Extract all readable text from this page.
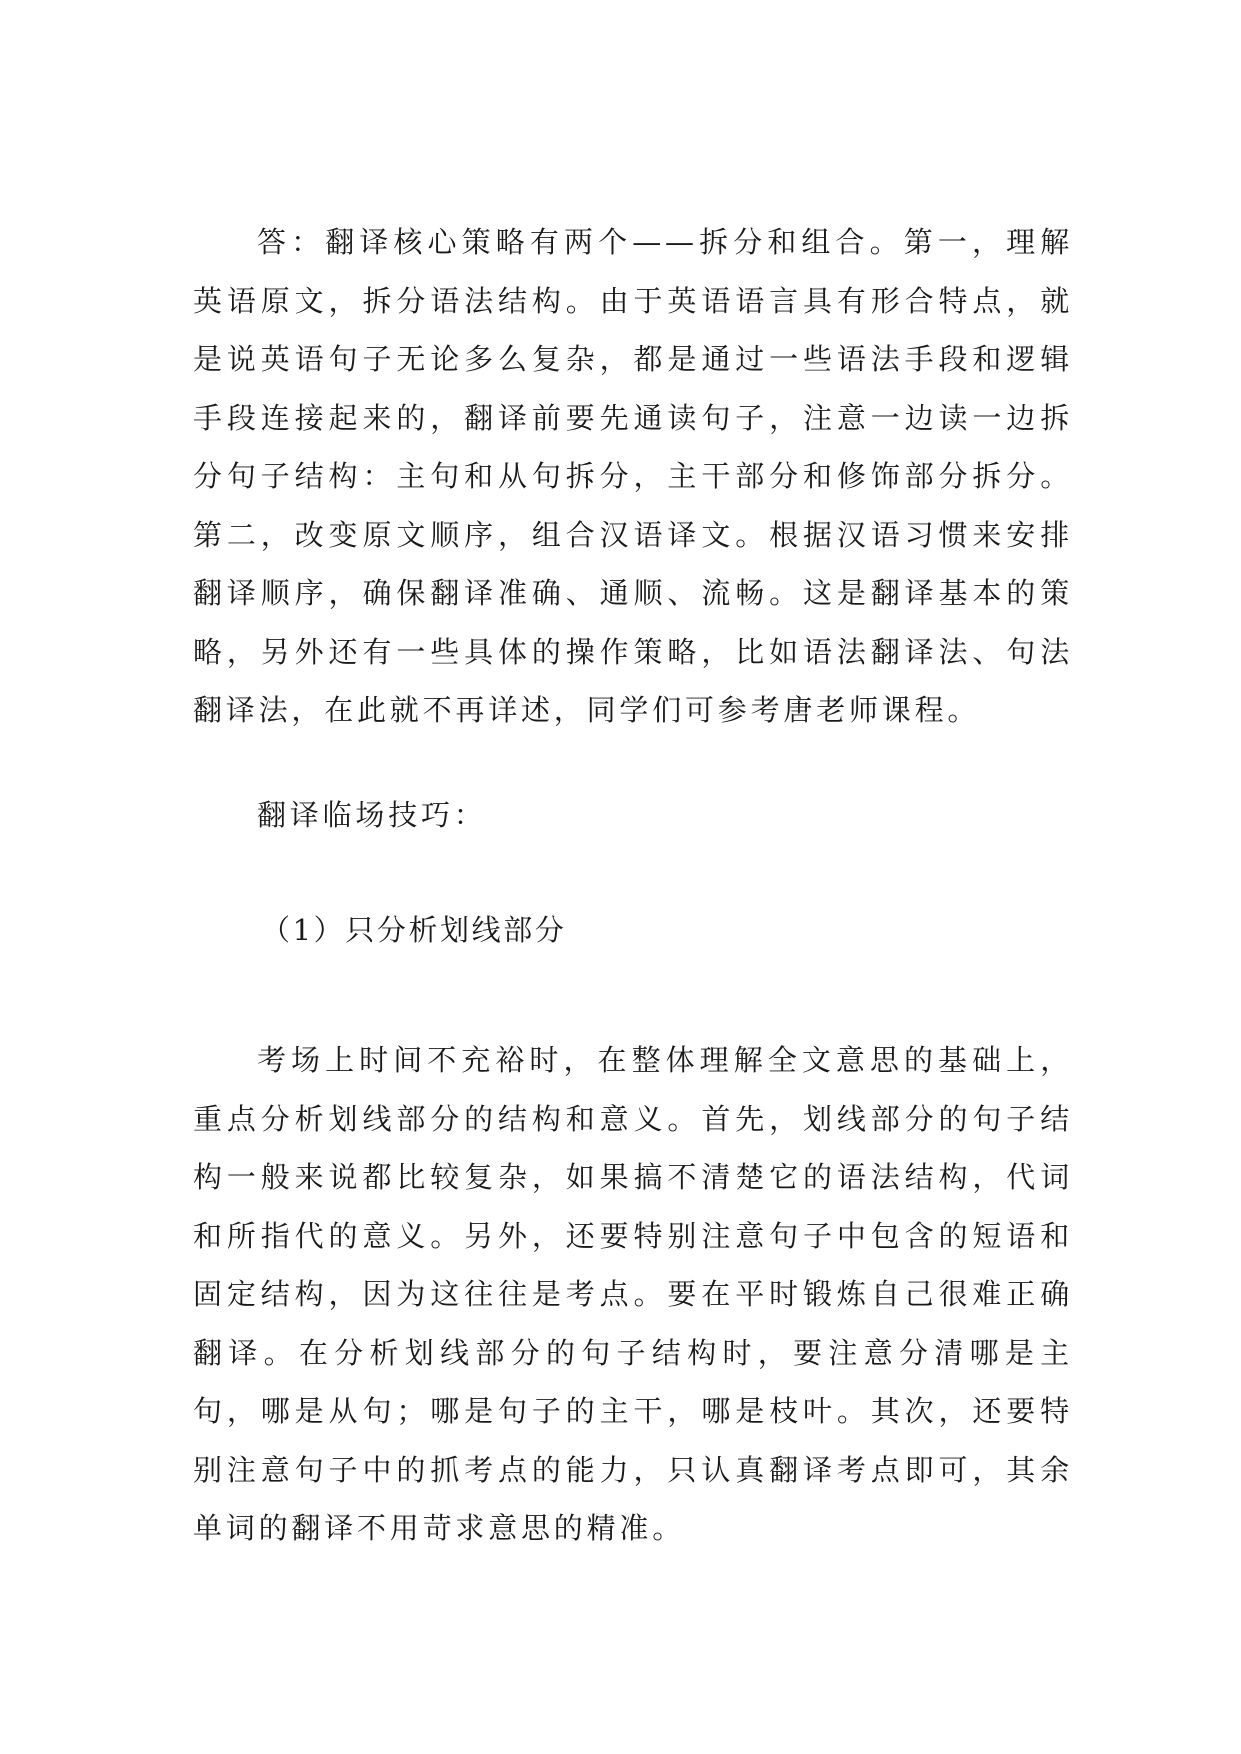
答：翻译核心策略有两个——拆分和组合。第一，理解英语原文，拆分语法结构。由于英语语言具有形合特点，就是说英语句子无论多么复杂，都是通过一些语法手段和逻辑手段连接起来的，翻译前要先通读句子，注意一边读一边拆分句子结构：主句和从句拆分，主干部分和修饰部分拆分。第二，改变原文顺序，组合汉语译文。根据汉语习惯来安排翻译顺序，确保翻译准确、通顺、流畅。这是翻译基本的策略，另外还有一些具体的操作策略，比如语法翻译法、句法翻译法，在此就不再详述，同学们可参考唐老师课程。

翻译临场技巧：

（1）只分析划线部分

考场上时间不充裕时，在整体理解全文意思的基础上，重点分析划线部分的结构和意义。首先，划线部分的句子结构一般来说都比较复杂，如果搞不清楚它的语法结构，代词和所指代的意义。另外，还要特别注意句子中包含的短语和固定结构，因为这往往是考点。要在平时锻炼自己很难正确翻译。在分析划线部分的句子结构时，要注意分清哪是主句，哪是从句；哪是句子的主干，哪是枝叶。其次，还要特别注意句子中的抓考点的能力，只认真翻译考点即可，其余单词的翻译不用苛求意思的精准。
